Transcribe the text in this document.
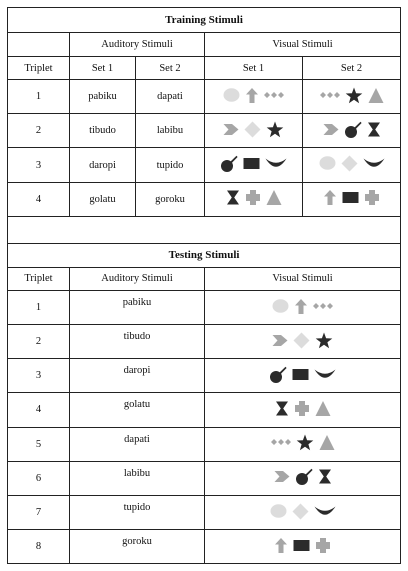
Training Stimuli				
	Auditory Stimuli		Visual Stimuli	
Triplet	Set 1	Set 2	Set 1	Set 2
1	pabiku	dapati	

2	tibudo	labibu	

3	daropi	tupido	

4	golatu	goroku	

Testing Stimuli				
Triplet	Auditory Stimuli		Visual Stimuli	
1	pabiku	

2	tibudo	

3	daropi	

4	golatu	

5	dapati	

6	labibu	

7	tupido	

8	goroku	
